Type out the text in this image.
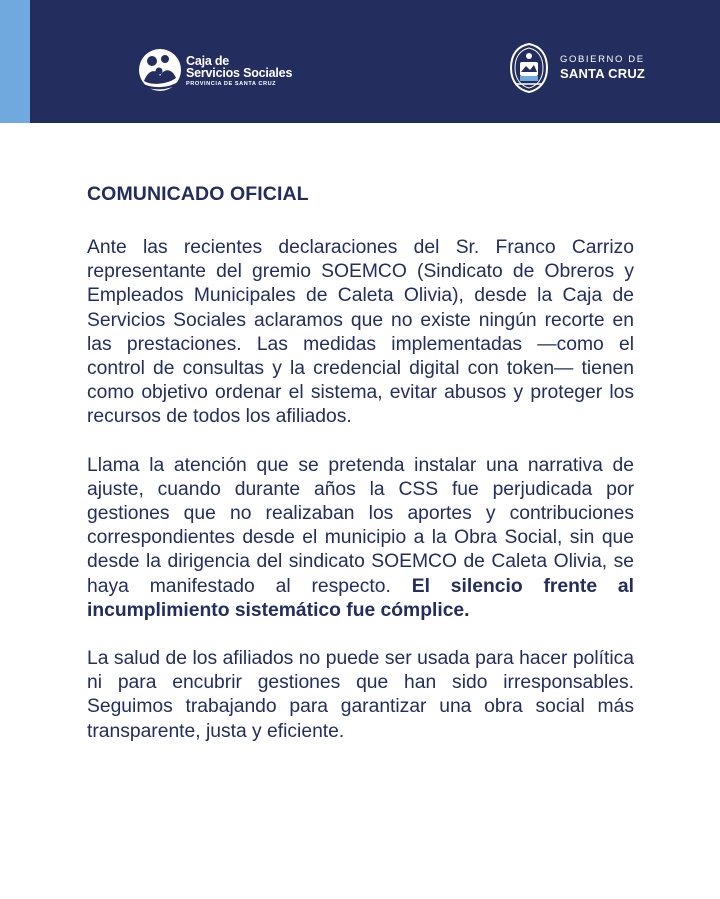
Caja de
Servicios Sociales
PROVINCIA DE SANTA CRUZ
GOBIERNO DE
SANTA CRUZ
COMUNICADO OFICIAL

Ante las recientes declaraciones del Sr. Franco Carrizo representante del gremio SOEMCO (Sindicato de Obreros y Empleados Municipales de Caleta Olivia), desde la Caja de Servicios Sociales aclaramos que no existe ningún recorte en las prestaciones. Las medidas implementadas —como el control de consultas y la credencial digital con token— tienen como objetivo ordenar el sistema, evitar abusos y proteger los recursos de todos los afiliados.

Llama la atención que se pretenda instalar una narrativa de ajuste, cuando durante años la CSS fue perjudicada por gestiones que no realizaban los aportes y contribuciones correspondientes desde el municipio a la Obra Social, sin que desde la dirigencia del sindicato SOEMCO de Caleta Olivia, se haya manifestado al respecto. El silencio frente al incumplimiento sistemático fue cómplice.

La salud de los afiliados no puede ser usada para hacer política ni para encubrir gestiones que han sido irresponsables. Seguimos trabajando para garantizar una obra social más transparente, justa y eficiente.
